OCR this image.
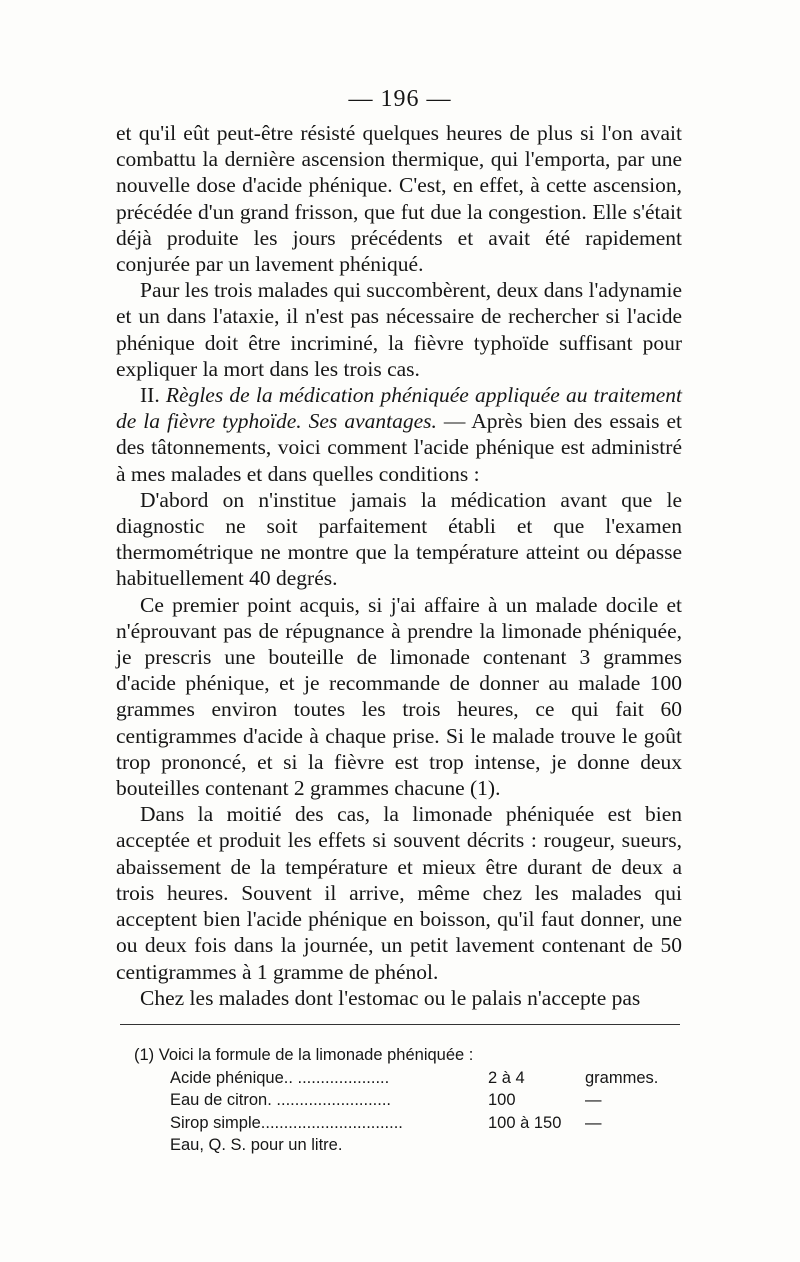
— 196 —

et qu'il eût peut-être résisté quelques heures de plus si l'on avait combattu la dernière ascension thermique, qui l'emporta, par une nouvelle dose d'acide phénique. C'est, en effet, à cette ascension, précédée d'un grand frisson, que fut due la congestion. Elle s'était déjà produite les jours précédents et avait été rapidement conjurée par un lavement phéniqué.

Paur les trois malades qui succombèrent, deux dans l'adynamie et un dans l'ataxie, il n'est pas nécessaire de rechercher si l'acide phénique doit être incriminé, la fièvre typhoïde suffisant pour expliquer la mort dans les trois cas.

II. Règles de la médication phéniquée appliquée au traitement de la fièvre typhoïde. Ses avantages. — Après bien des essais et des tâtonnements, voici comment l'acide phénique est administré à mes malades et dans quelles conditions :

D'abord on n'institue jamais la médication avant que le diagnostic ne soit parfaitement établi et que l'examen thermométrique ne montre que la température atteint ou dépasse habituellement 40 degrés.

Ce premier point acquis, si j'ai affaire à un malade docile et n'éprouvant pas de répugnance à prendre la limonade phéniquée, je prescris une bouteille de limonade contenant 3 grammes d'acide phénique, et je recommande de donner au malade 100 grammes environ toutes les trois heures, ce qui fait 60 centigrammes d'acide à chaque prise. Si le malade trouve le goût trop prononcé, et si la fièvre est trop intense, je donne deux bouteilles contenant 2 grammes chacune (1).

Dans la moitié des cas, la limonade phéniquée est bien acceptée et produit les effets si souvent décrits : rougeur, sueurs, abaissement de la température et mieux être durant de deux a trois heures. Souvent il arrive, même chez les malades qui acceptent bien l'acide phénique en boisson, qu'il faut donner, une ou deux fois dans la journée, un petit lavement contenant de 50 centigrammes à 1 gramme de phénol.

Chez les malades dont l'estomac ou le palais n'accepte pas

(1) Voici la formule de la limonade phéniquée :

Acide phénique.. ....................	2 à 4	grammes.
Eau de citron. .........................	100	—
Sirop simple...............................	100 à 150 —
Eau, Q. S. pour un litre.
